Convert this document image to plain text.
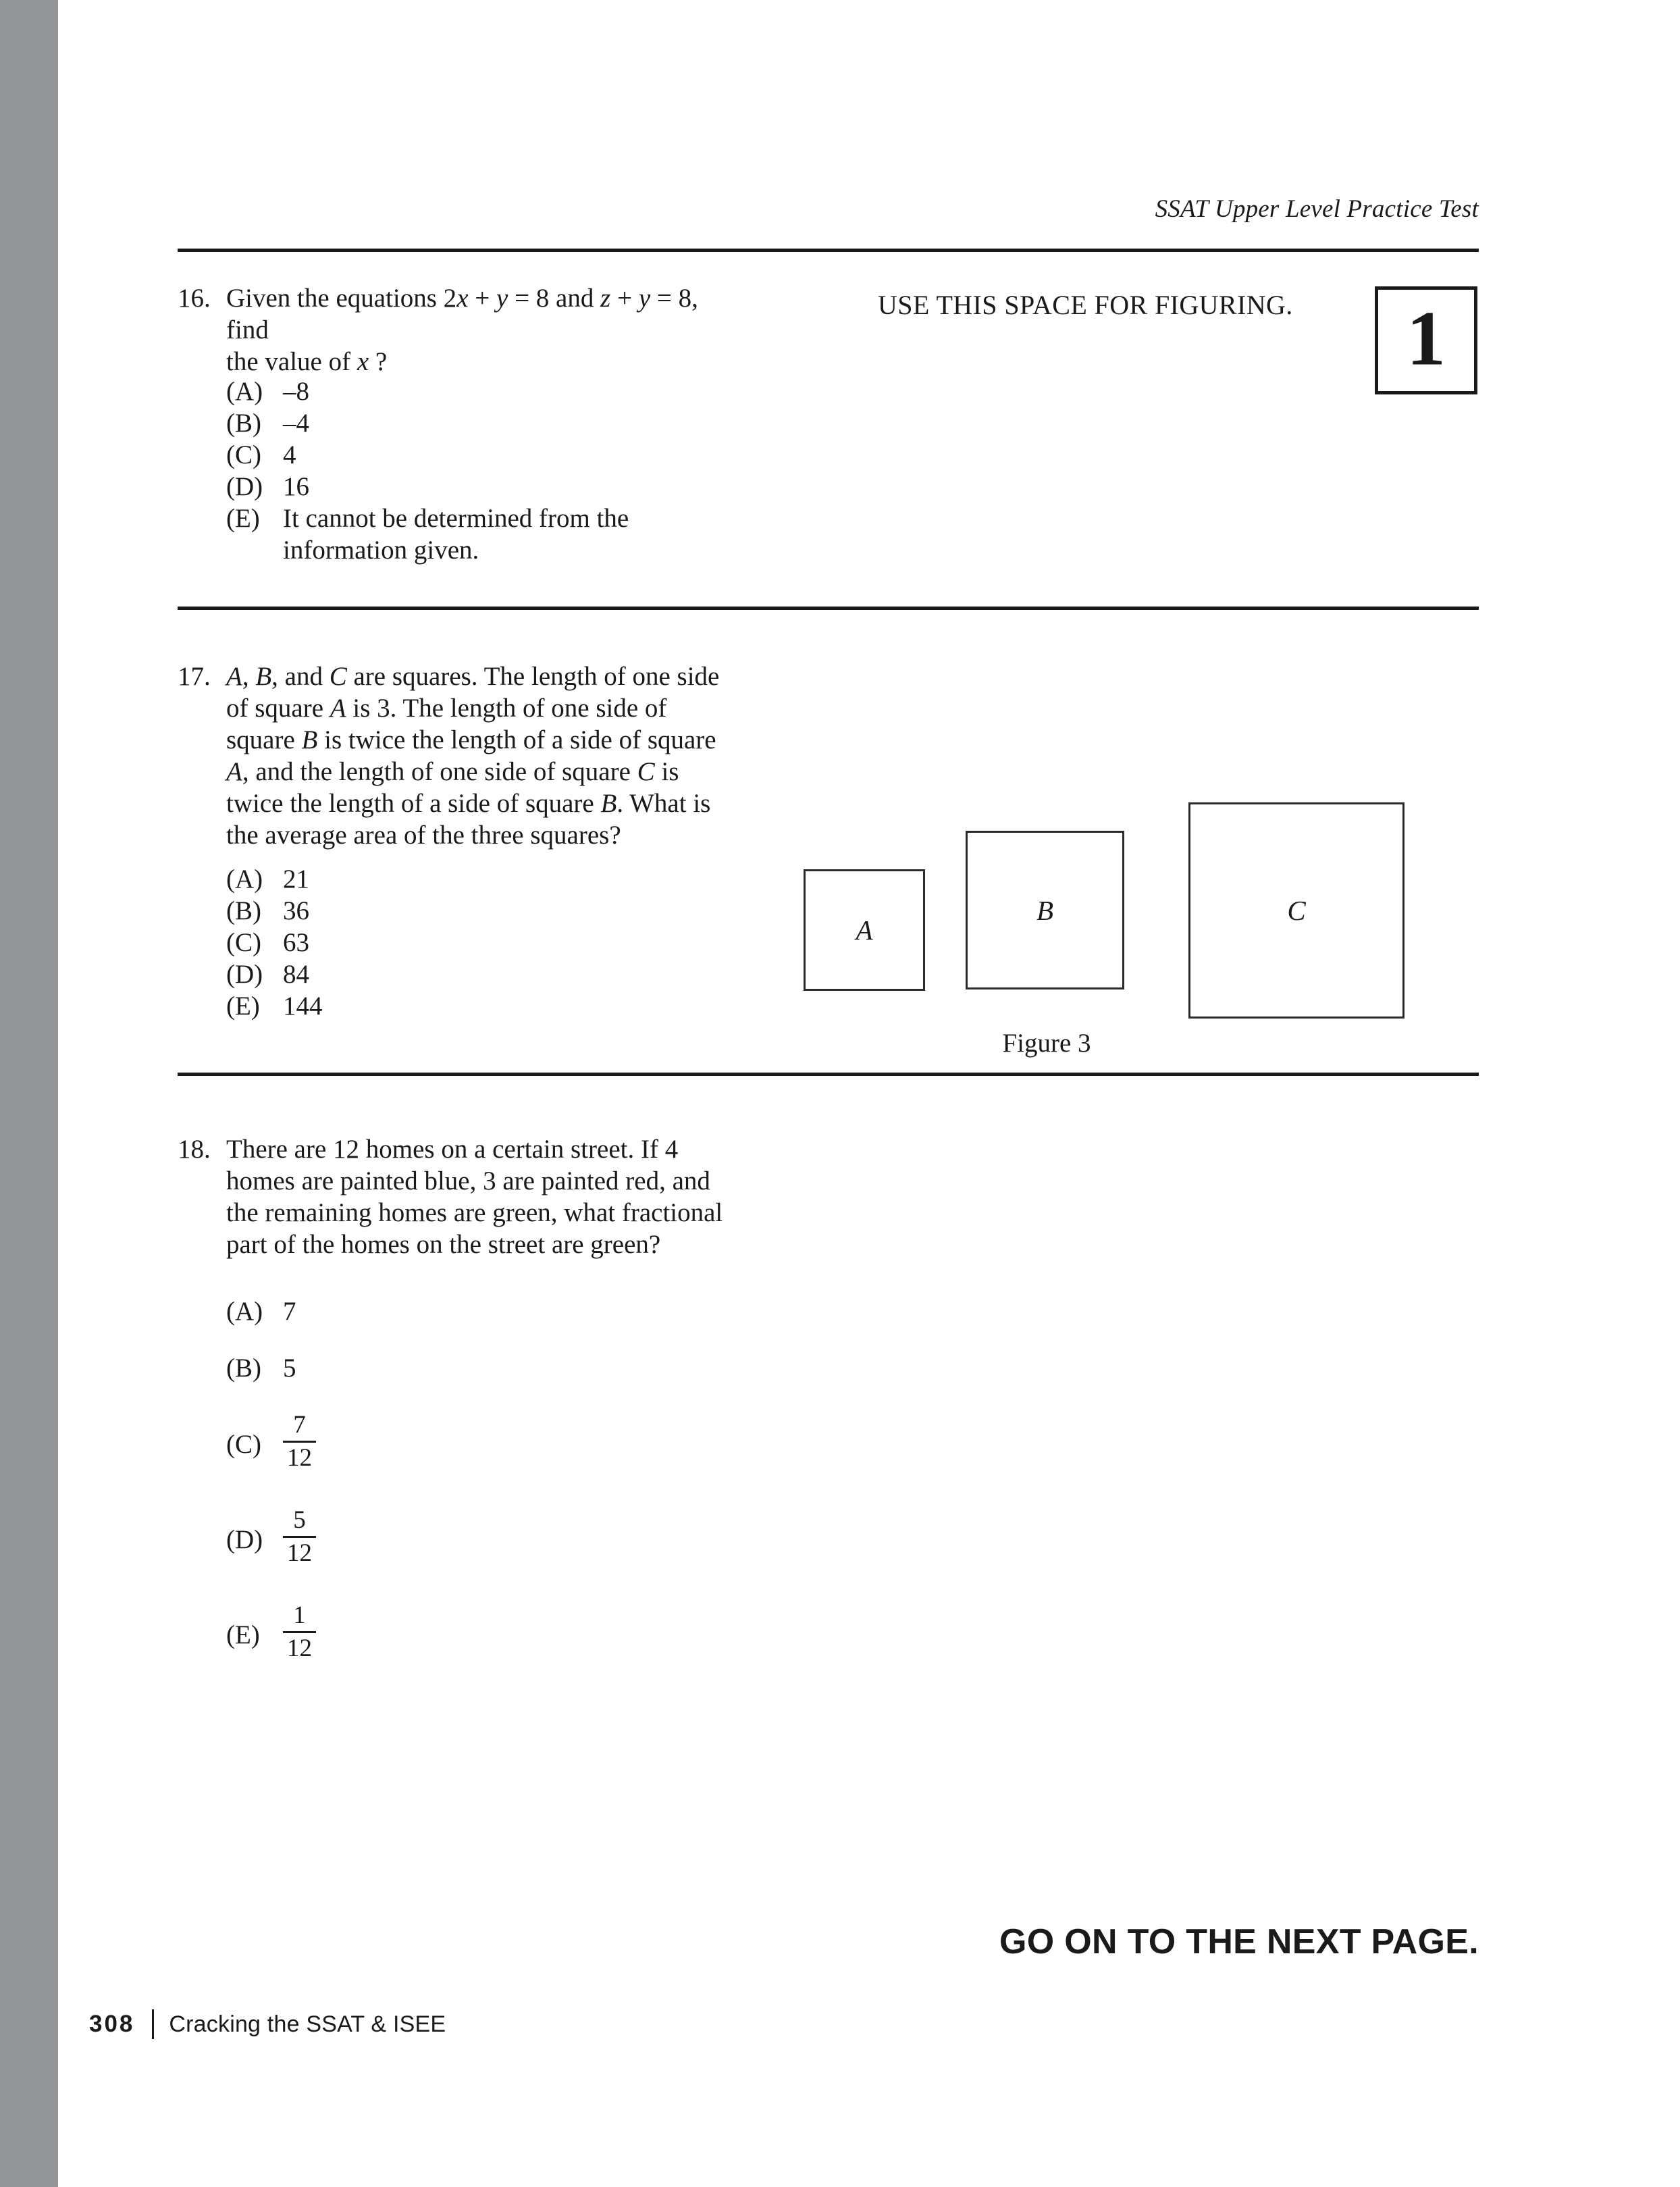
SSAT Upper Level Practice Test
16. Given the equations 2x + y = 8 and z + y = 8, find
the value of x ?
(A) –8
(B) –4
(C) 4
(D) 16
(E) It cannot be determined from the information given.
USE THIS SPACE FOR FIGURING.	1
17. A, B, and C are squares. The length of one side of square A is 3. The length of one side of square B is twice the length of a side of square A, and the length of one side of square C is twice the length of a side of square B. What is the average area of the three squares?
(A) 21
(B) 36
(C) 63
(D) 84
(E) 144
A
B	C
Figure 3
18. There are 12 homes on a certain street. If 4 homes are painted blue, 3 are painted red, and the remaining homes are green, what fractional part of the homes on the street are green?
(A) 7
(B) 5
$(C) \frac{7}{12}$
$(D) \frac{5}{12}$
$(E) \frac{1}{12}$
GO ON TO THE NEXT PAGE.
308 Cracking the SSAT & ISEE
